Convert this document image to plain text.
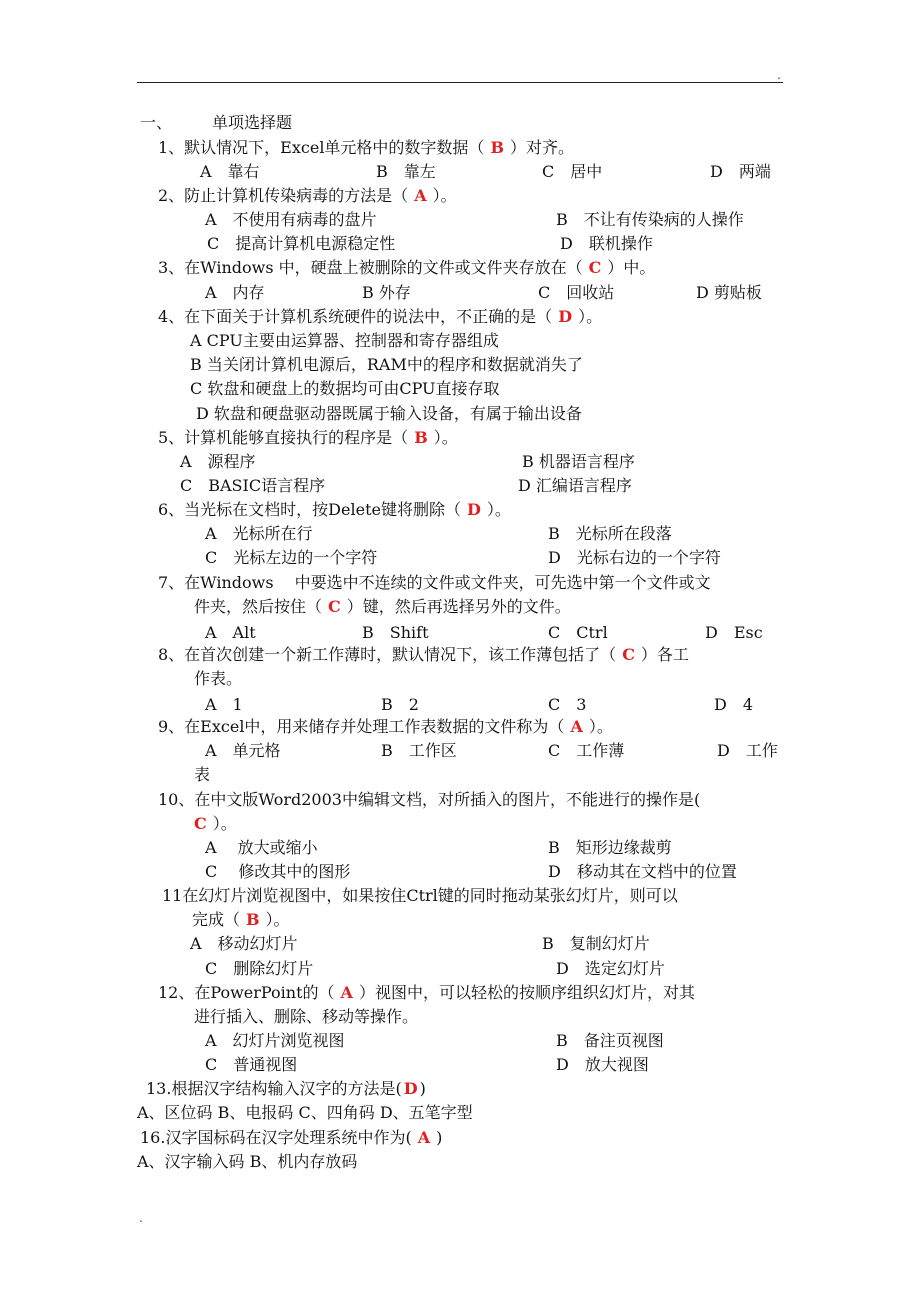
.
一、	单项选择题
1、默认情况下，Excel单元格中的数字数据（ B ）对齐。
A　靠右	B　靠左	C　居中	D　两端
2、防止计算机传染病毒的方法是（ A ）。
A　不使用有病毒的盘片	B　不让有传染病的人操作
C　提高计算机电源稳定性	D　联机操作
3、在Windows 中，硬盘上被删除的文件或文件夹存放在（ C ）中。
A　内存	B 外存	C　回收站	D 剪贴板
4、在下面关于计算机系统硬件的说法中，不正确的是（ D ）。
A CPU主要由运算器、控制器和寄存器组成
B 当关闭计算机电源后，RAM中的程序和数据就消失了
C 软盘和硬盘上的数据均可由CPU直接存取
D 软盘和硬盘驱动器既属于输入设备，有属于输出设备
5、计算机能够直接执行的程序是（ B ）。
A　源程序	B 机器语言程序
C　BASIC语言程序	D 汇编语言程序
6、当光标在文档时，按Delete键将删除（ D ）。
A　光标所在行	B　光标所在段落
C　光标左边的一个字符	D　光标右边的一个字符
7、在Windows　 中要选中不连续的文件或文件夹，可先选中第一个文件或文
件夹，然后按住（ C ）键，然后再选择另外的文件。
A　Alt	B　Shift	C　Ctrl	D　Esc
8、在首次创建一个新工作薄时，默认情况下，该工作薄包括了（ C ）各工
作表。
A　1	B　2	C　3	D　4
9、在Excel中，用来储存并处理工作表数据的文件称为（ A ）。
A　单元格	B　工作区	C　工作薄	D　工作
表
10、在中文版Word2003中编辑文档，对所插入的图片，不能进行的操作是(
C ）。
A　 放大或缩小	B　矩形边缘裁剪
C　 修改其中的图形	D　移动其在文档中的位置
11在幻灯片浏览视图中，如果按住Ctrl键的同时拖动某张幻灯片，则可以
完成（ B ）。
A　移动幻灯片	B　复制幻灯片
C　删除幻灯片	D　选定幻灯片
12、在PowerPoint的（ A ）视图中，可以轻松的按顺序组织幻灯片，对其
进行插入、删除、移动等操作。
A　幻灯片浏览视图	B　备注页视图
C　普通视图	D　放大视图
13.根据汉字结构输入汉字的方法是( D )
A、区位码 B、电报码 C、四角码 D、五笔字型
16.汉字国标码在汉字处理系统中作为( A )
A、汉字输入码 B、机内存放码
.
